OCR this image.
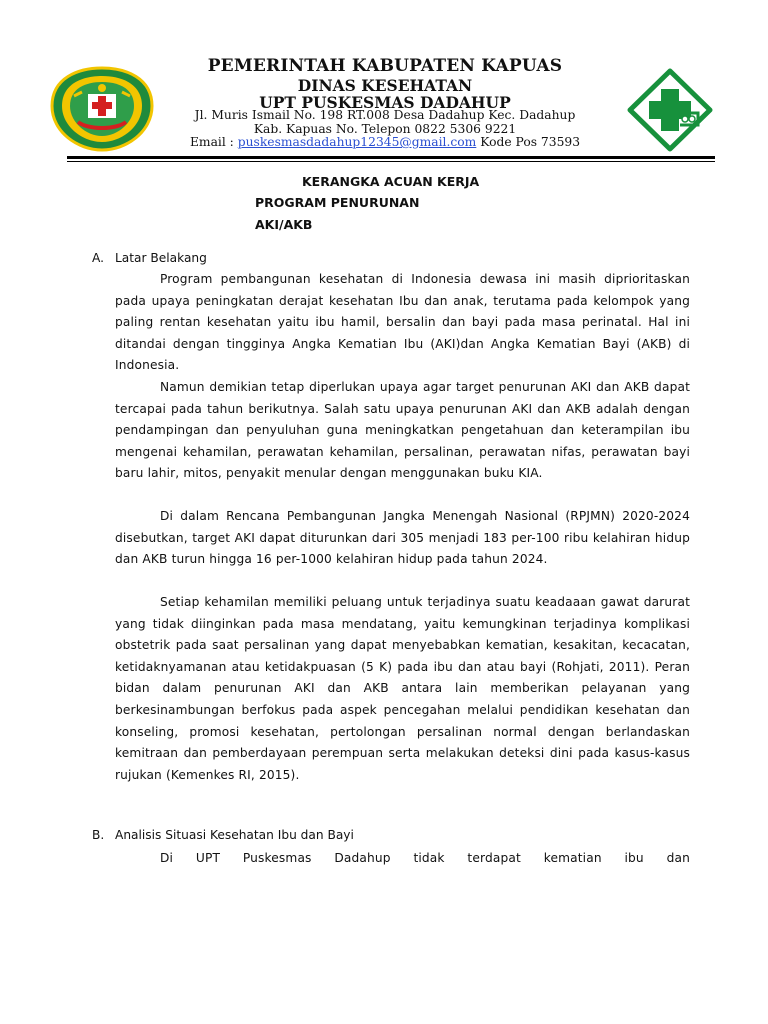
PEMERINTAH KABUPATEN KAPUAS
DINAS KESEHATAN
UPT PUSKESMAS DADAHUP
Jl. Muris Ismail No. 198 RT.008 Desa Dadahup Kec. Dadahup
Kab. Kapuas No. Telepon 0822 5306 9221
Email : puskesmasdadahup12345@gmail.com Kode Pos 73593
KERANGKA ACUAN KERJA
PROGRAM PENURUNAN
AKI/AKB
A. Latar Belakang

Program pembangunan kesehatan di Indonesia dewasa ini masih diprioritaskan pada upaya peningkatan derajat kesehatan Ibu dan anak, terutama pada kelompok yang paling rentan kesehatan yaitu ibu hamil, bersalin dan bayi pada masa perinatal. Hal ini ditandai dengan tingginya Angka Kematian Ibu (AKI)dan Angka Kematian Bayi (AKB) di Indonesia.

Namun demikian tetap diperlukan upaya agar target penurunan AKI dan AKB dapat tercapai pada tahun berikutnya. Salah satu upaya penurunan AKI dan AKB adalah dengan pendampingan dan penyuluhan guna meningkatkan pengetahuan dan keterampilan ibu mengenai kehamilan, perawatan kehamilan, persalinan, perawatan nifas, perawatan bayi baru lahir, mitos, penyakit menular dengan menggunakan buku KIA.

Di dalam Rencana Pembangunan Jangka Menengah Nasional (RPJMN) 2020-2024 disebutkan, target AKI dapat diturunkan dari 305 menjadi 183 per-100 ribu kelahiran hidup dan AKB turun hingga 16 per-1000 kelahiran hidup pada tahun 2024.

Setiap kehamilan memiliki peluang untuk terjadinya suatu keadaaan gawat darurat yang tidak diinginkan pada masa mendatang, yaitu kemungkinan terjadinya komplikasi obstetrik pada saat persalinan yang dapat menyebabkan kematian, kesakitan, kecacatan, ketidaknyamanan atau ketidakpuasan (5 K) pada ibu dan atau bayi (Rohjati, 2011). Peran bidan dalam penurunan AKI dan AKB antara lain memberikan pelayanan yang berkesinambungan berfokus pada aspek pencegahan melalui pendidikan kesehatan dan konseling, promosi kesehatan, pertolongan persalinan normal dengan berlandaskan kemitraan dan pemberdayaan perempuan serta melakukan deteksi dini pada kasus-kasus rujukan (Kemenkes RI, 2015).

B. Analisis Situasi Kesehatan Ibu dan Bayi

Di UPT Puskesmas Dadahup tidak terdapat kematian ibu dan
